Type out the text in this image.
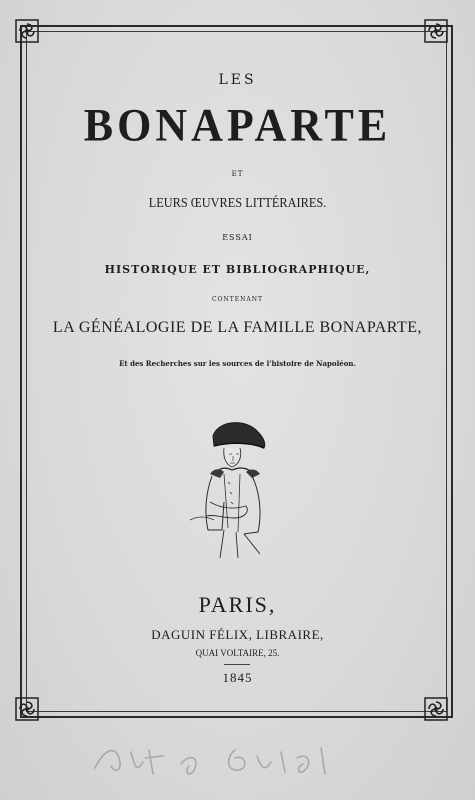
LES
BONAPARTE
ET
LEURS ŒUVRES LITTÉRAIRES.
ESSAI
HISTORIQUE ET BIBLIOGRAPHIQUE,
CONTENANT
LA GÉNÉALOGIE DE LA FAMILLE BONAPARTE,
Et des Recherches sur les sources de l'histoire de Napoléon.
PARIS,
DAGUIN FÉLIX, LIBRAIRE,
QUAI VOLTAIRE, 25.
1845
